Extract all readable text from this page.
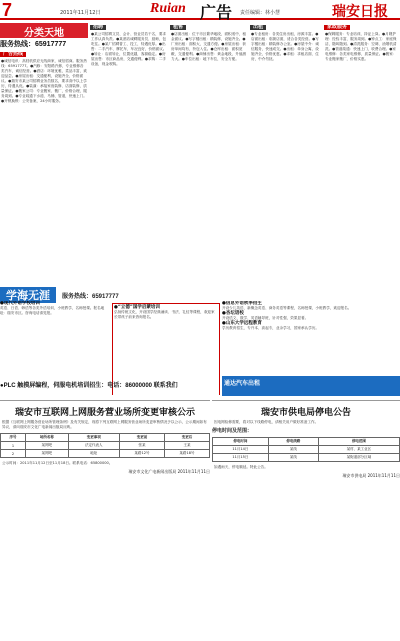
7	2011年11月12日	Ruian 广告 责任编辑：林小慧	瑞安日报
分类天地
服务热线：65917777
广告热线
●诚信电讯：高档机供应无线商家，诚信招商。服务热线：65917777。●汽修：安阳路汽修，专业维修各类汽车，诚信经营。●酒店：环境优雅，菜品丰富，欢迎品尝。●房屋出租：交通便利，设施齐全，价格面议。●瑞安市某公司招聘业务员数名，要求高中以上学历，待遇从优。●装潢：承接家庭装修、店面装修，质量保证。●搬家公司：专业搬家、搬厂，价格合理，服务周到。●专业疏通下水道、马桶、管道，快速上门。●开锁换锁：公安备案，24小时服务。
招聘
●某公司招聘文员、会计、营业员若干名，要求工作认真负责。●某酒店诚聘服务员、厨师，包吃住。●某厂招聘普工、技工，待遇优厚。●出售：二手汽车、摩托车，车况良好，价格面议。●转让：店面转让，位置优越，客源稳定。●房屋出售：市区商品房，交通便利。●求购：二手设备，现金收购。
租售
●店面出租：位于市区繁华地段，面积适中，租金面议。●写字楼出租：精装修，设施齐全。●厂房出租：面积大，交通方便。●房屋出租：套房单间均有，拎包入住。●仓库出租：面积宽敞，交通便利。●商铺出售：黄金地段，升值潜力大。●车位出租：地下车位，安全方便。
出租
●专业租房：各类住房出租，房源丰富。●店面出租：临街店面，适合各类经营。●写字楼出租：精装修办公室。●房屋中介：诚信服务，快速成交。●出租：单身公寓，设施齐全，价格优惠。●求租：求租店面、住房，中介勿扰。
家政服务
●保姆服务：专业培训，持证上岗。●月嫂护理：经验丰富，服务周到。●钟点工：家庭保洁，随叫随到。●清洗服务：空调、油烟机清洗。●管道疏通：快速上门，收费合理。●家电维修：各类家电维修，质量保证。●搬家：专业搬家搬厂，价格实惠。
学海无涯	服务热线：65917777
●现代外语学校培训
英语、日语、韩语等各类外语培训，小班教学，名师授课。报名地址：瑞安市区。咨询电话请见报。
●“立德”国学启蒙培训
弘扬传统文化，开设国学经典诵读、书法、礼仪等课程，欢迎家长带孩子前来咨询报名。
●信息外语秋季招生
开设少儿英语、新概念英语、商务英语等课程，名师授课，小班教学，欢迎报名。
●杏坛语校
开设语文、数学、英语辅导班，针对性强，效果显著。
●山东大学远程教育
学历教育招生，专升本、高起专，业余学习，国家承认学历。
●PLC 触摸屏编程，伺服电机培训招生：电话：86000000 联系我们	通达汽车出租
瑞安市互联网上网服务营业场所变更审核公示
根据《互联网上网服务营业场所管理条例》及有关规定，现将下列互联网上网服务营业场所变更审核情况予以公示，公示期间如有异议，请向瑞安市文化广电新闻出版局反映。
序号	场所名称	变更事项	变更前	变更后
1	某网吧	法定代表人	张某	王某
2	某网吧	地址	某路12号	某路18号
公示时间：2011年11月12日至11月18日。联系电话：65800000。
瑞安市文化广电新闻出版局 2011年11月11日
瑞安市供电局停电公告
因电网检修需要，将对以下线路停电，请相关用户做好准备工作。
停电时间及范围：
停电时间	停电线路	停电范围
11月14日	某线	某村、某工业区
11月15日	某线	某街道部分区域
如遇雨天，停电顺延。特此公告。
瑞安市供电局 2011年11月11日
